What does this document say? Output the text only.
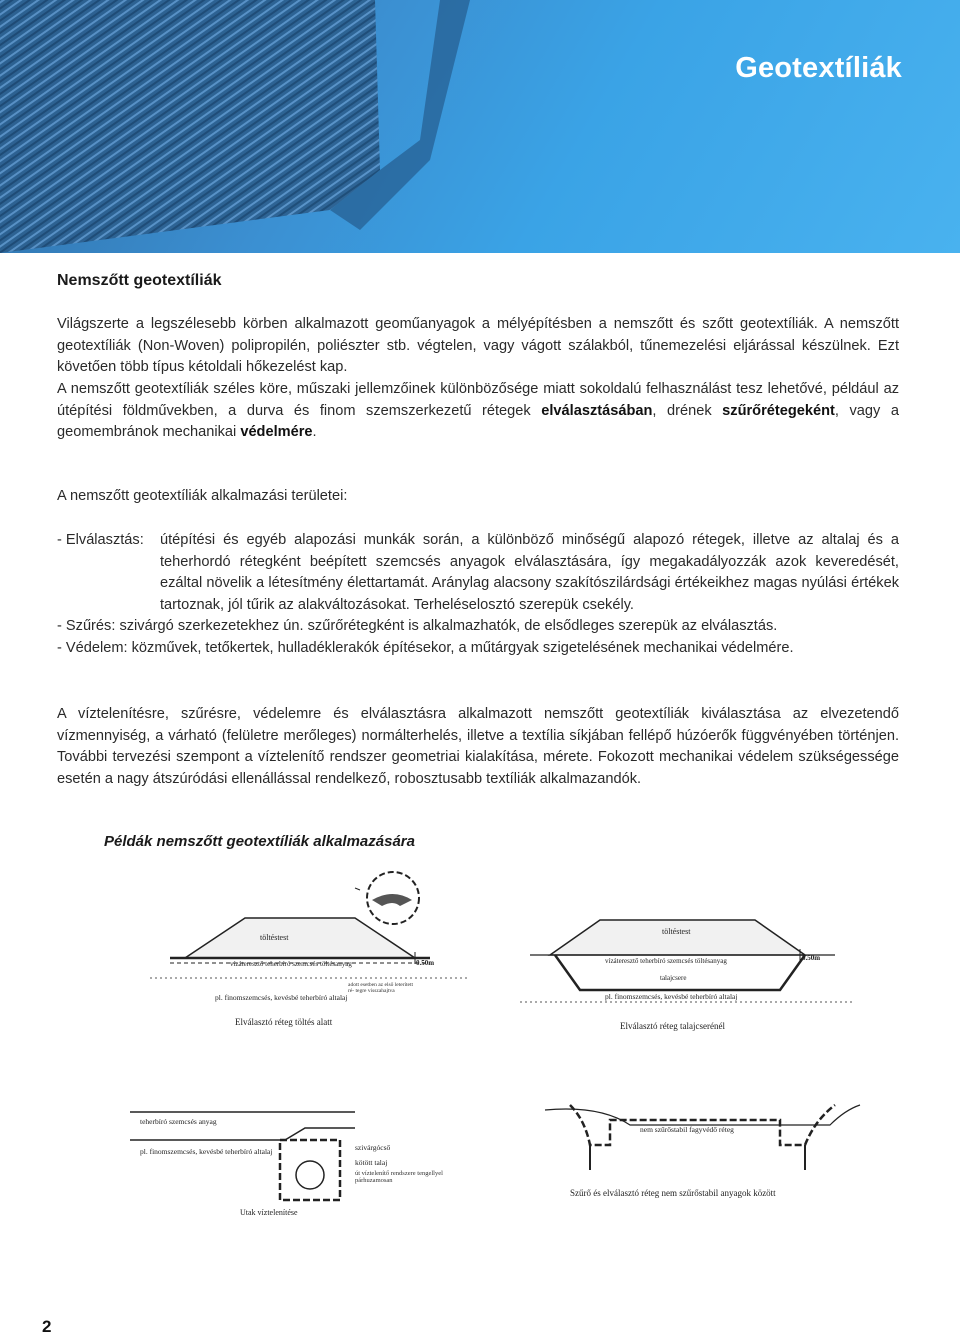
Geotextíliák
Nemszőtt geotextíliák
Világszerte a legszélesebb körben alkalmazott geoműanyagok a mélyépítésben a nemszőtt és szőtt geotextíliák. A nemszőtt geotextíliák (Non-Woven) polipropilén, poliészter stb. végtelen, vagy vágott szálakból, tűnemezelési eljárással készülnek. Ezt követően több típus kétoldali hőkezelést kap.
A nemszőtt geotextíliák széles köre, műszaki jellemzőinek különbözősége miatt sokoldalú felhasználást tesz lehetővé, például az útépítési földművekben, a durva és finom szemszerkezetű rétegek elválasztásában, drének szűrőrétegeként, vagy a geomembránok mechanikai védelmére.
A nemszőtt geotextíliák alkalmazási területei:
- Elválasztás:	útépítési és egyéb alapozási munkák során, a különböző minőségű alapozó rétegek, illetve az altalaj és a teherhordó rétegként beépített szemcsés anyagok elválasztására, így megakadályozzák azok keveredését, ezáltal növelik a létesítmény élettartamát. Aránylag alacsony szakítószilárdsági értékeikhez magas nyúlási értékek tartoznak, jól tűrik az alakváltozásokat. Terheléselosztó szerepük csekély.
- Szűrés: szivárgó szerkezetekhez ún. szűrőrétegként is alkalmazhatók, de elsődleges szerepük az elválasztás.
- Védelem: közművek, tetőkertek, hulladéklerakók építésekor, a műtárgyak szigetelésének mechanikai védelmére.
A víztelenítésre, szűrésre, védelemre és elválasztásra alkalmazott nemszőtt geotextíliák kiválasztása az elvezetendő vízmennyiség, a várható (felületre merőleges) normálterhelés, illetve a textília síkjában fellépő húzóerők függvényében történjen. További tervezési szempont a víztelenítő rendszer geometriai kialakítása, mérete. Fokozott mechanikai védelem szükségessége esetén a nagy átszúródási ellenállással rendelkező, robosztusabb textíliák alkalmazandók.
Példák nemszőtt geotextíliák alkalmazására
töltéstest
vízáteresztő teherbíró szemcsés töltésanyag	0.50m
pl. finomszemcsés, kevésbé teherbíró altalaj
adott esetben az első leterített ré- tegre visszahajtva
Elválasztó réteg töltés alatt
töltéstest
vízáteresztő teherbíró szemcsés töltésanyag	0.50m
talajcsere
pl. finomszemcsés, kevésbé teherbíró altalaj
Elválasztó réteg talajcserénél
teherbíró szemcsés anyag
pl. finomszemcsés, kevésbé teherbíró altalaj	szivárgócső
kötött talaj
út víztelenítő rendszere tengellyel párhuzamosan
Utak víztelenítése
nem szűrőstabil fagyvédő réteg
Szűrő és elválasztó réteg nem szűrőstabil anyagok között
2
